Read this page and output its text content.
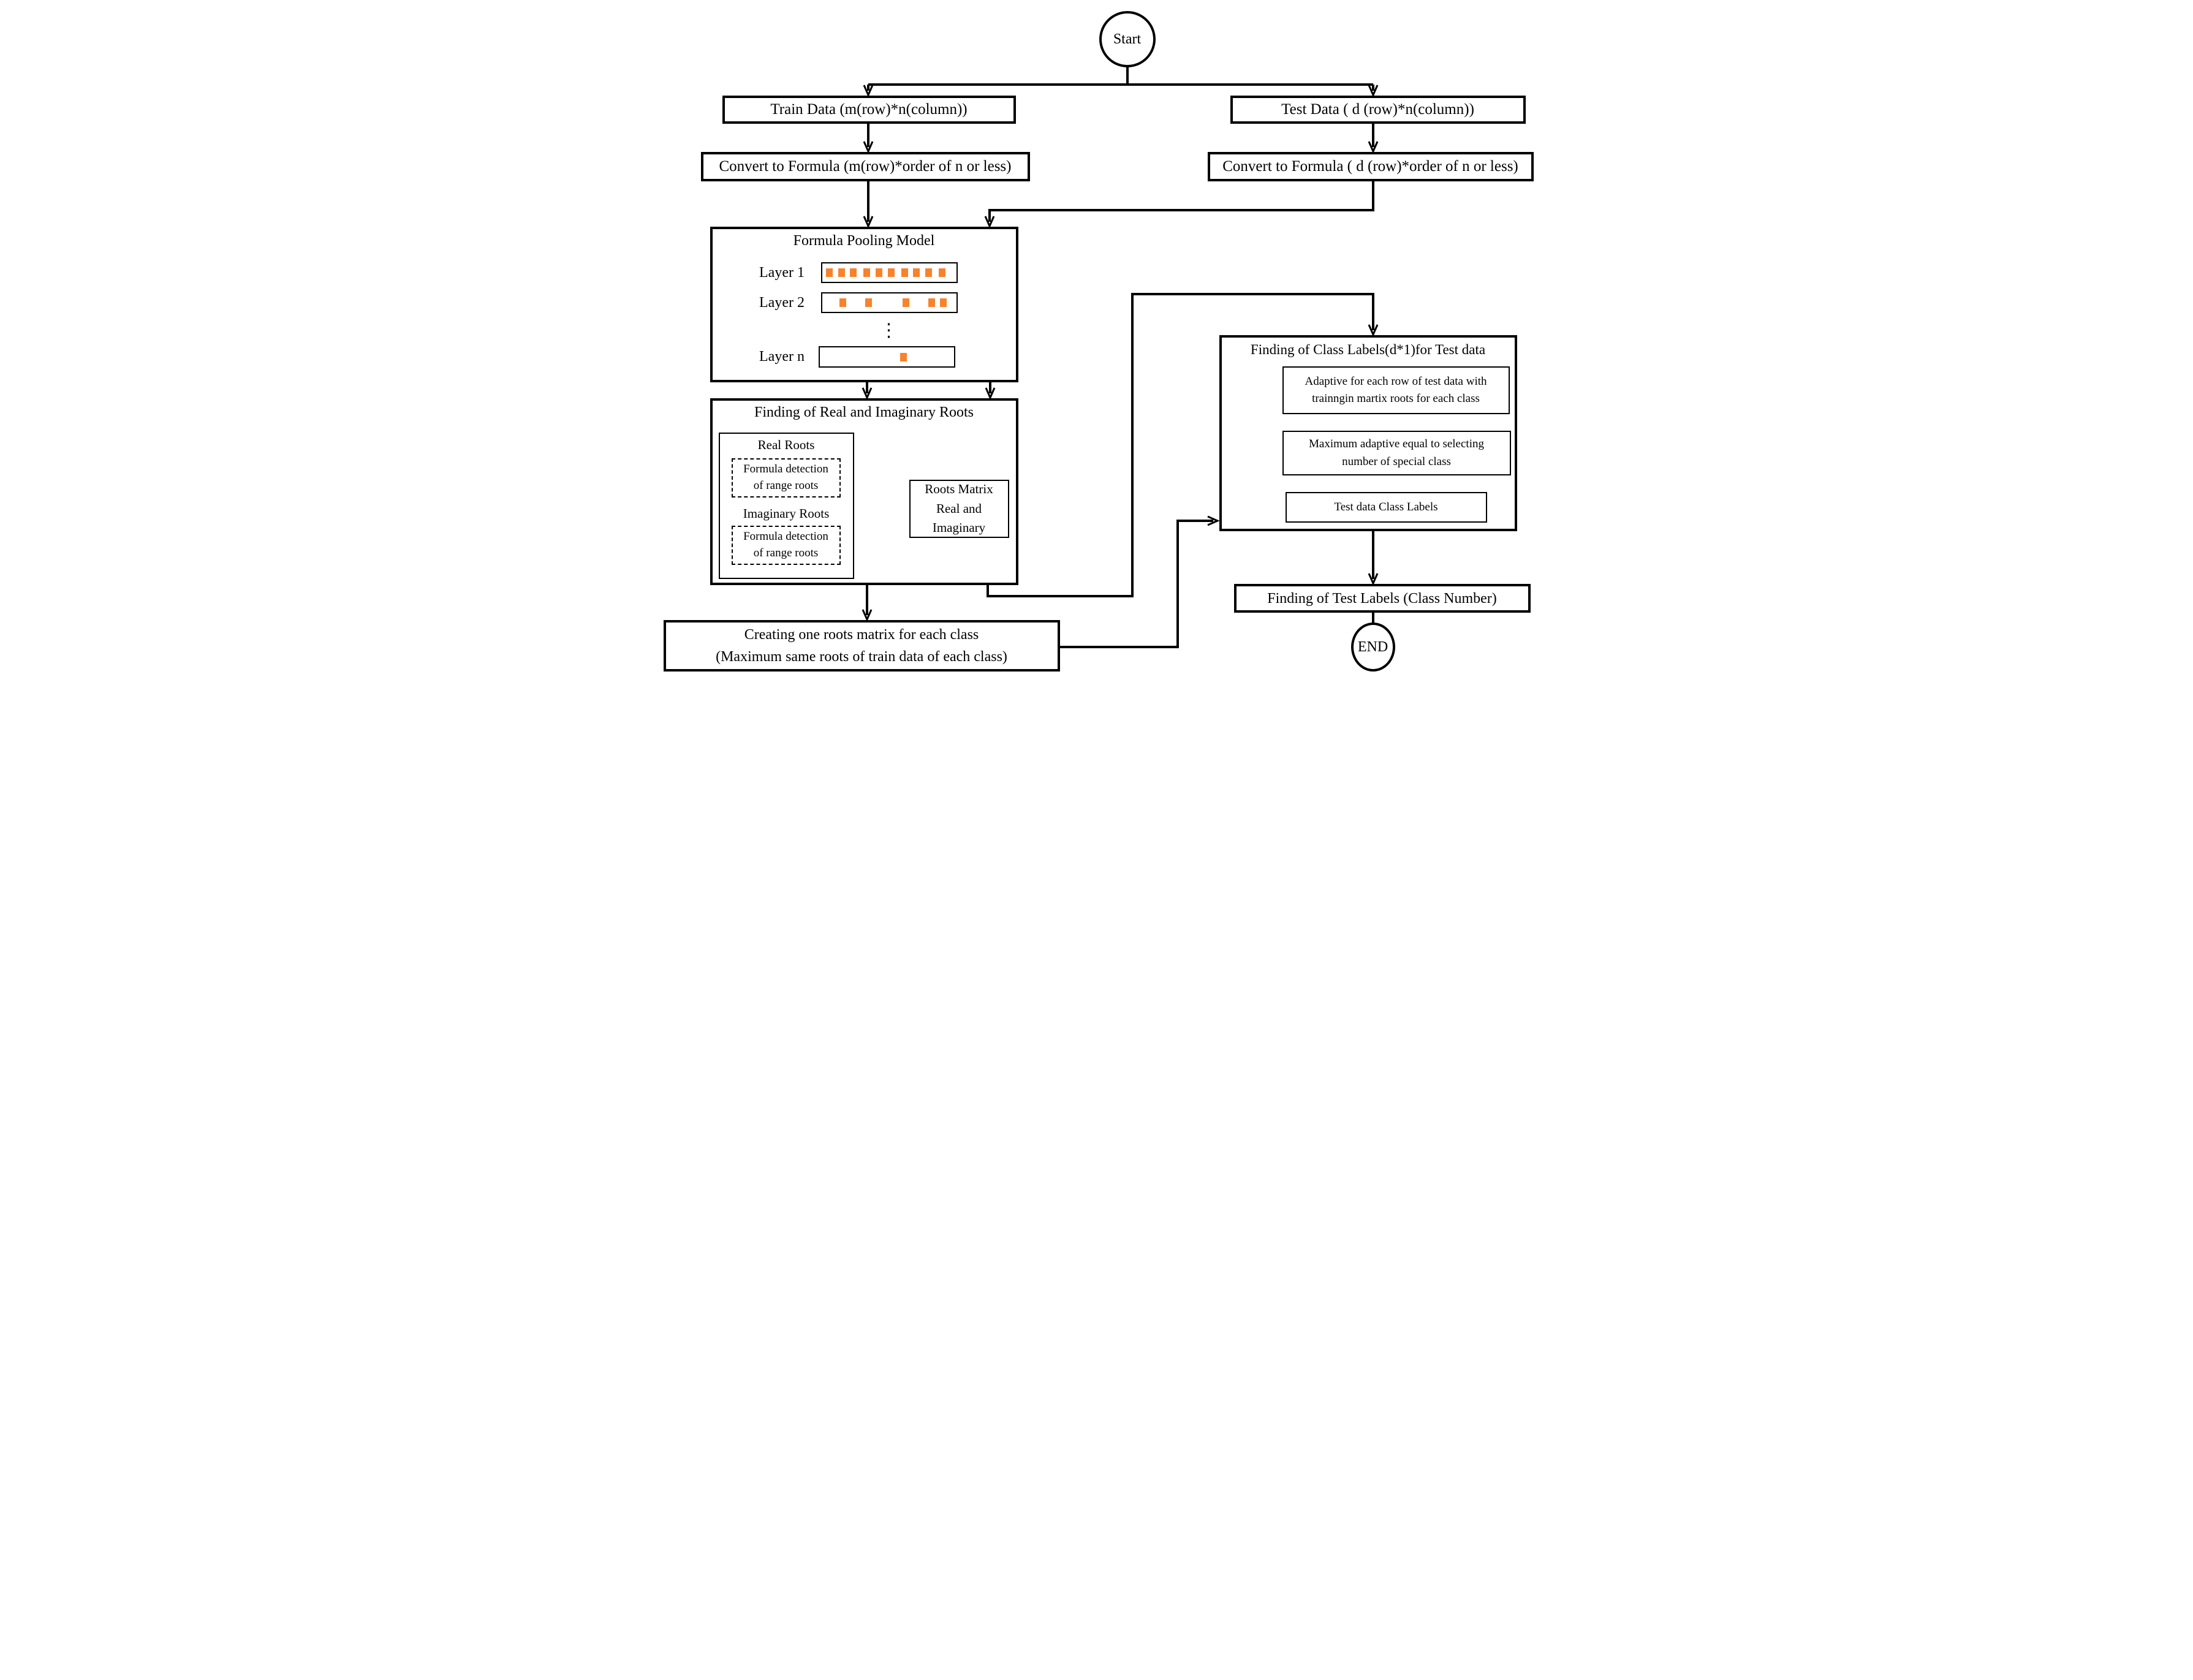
Start
END
Train Data (m(row)*n(column))	Test Data ( d (row)*n(column))
Convert to Formula (m(row)*order of n or less)	Convert to Formula ( d (row)*order of n or less)
Formula Pooling Model
Layer 1
Layer 2
⋮
Layer n
Finding of Real and Imaginary Roots
Real Roots
Formula detection
of range roots
Imaginary Roots
Formula detection
of range roots
Roots Matrix
Real and Imaginary
Creating one roots matrix for each class
(Maximum same roots of train data of each class)
Finding of Class Labels(d*1)for Test data
Adaptive for each row of test data with
trainngin martix roots for each class
Maximum adaptive equal to selecting
number of special class
Test data Class Labels
Finding of Test Labels (Class Number)
